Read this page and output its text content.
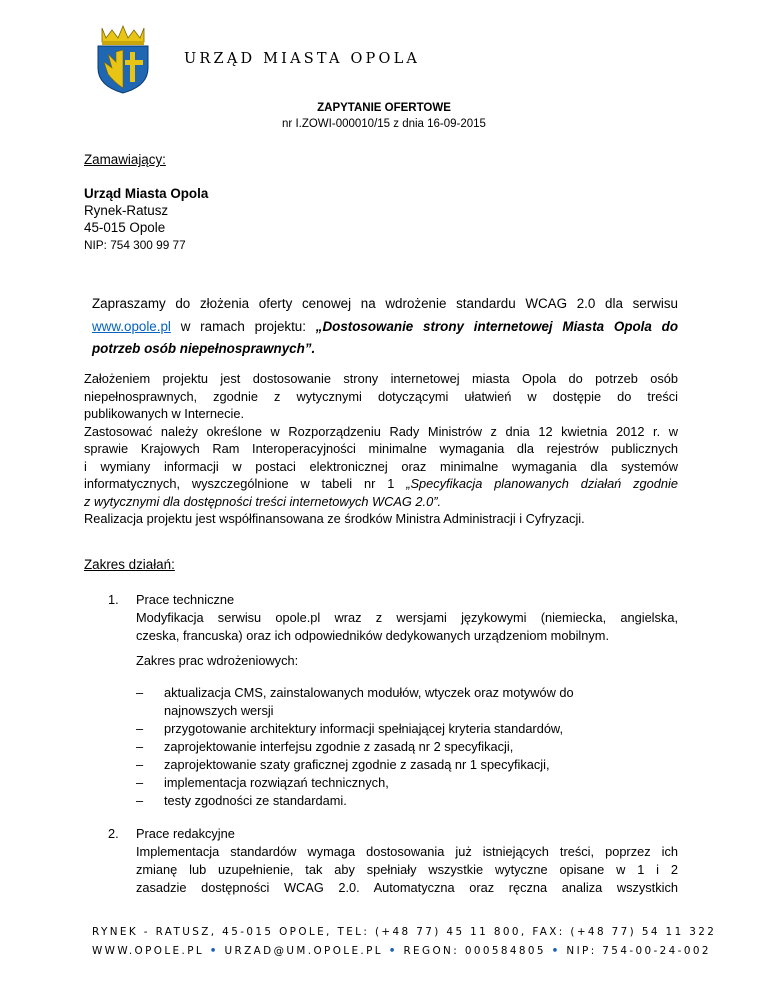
URZĄD MIASTA OPOLA
ZAPYTANIE OFERTOWE
nr I.ZOWI-000010/15 z dnia 16-09-2015
Zamawiający:
Urząd Miasta Opola
Rynek-Ratusz
45-015 Opole
NIP: 754 300 99 77

Zapraszamy do złożenia oferty cenowej na wdrożenie standardu WCAG 2.0 dla serwisu

www.opole.pl w ramach projektu: „Dostosowanie strony internetowej Miasta Opola do

potrzeb osób niepełnosprawnych”.

Założeniem projektu jest dostosowanie strony internetowej miasta Opola do potrzeb osób
niepełnosprawnych, zgodnie z wytycznymi dotyczącymi ułatwień w dostępie do treści
publikowanych w Internecie.
Zastosować należy określone w Rozporządzeniu Rady Ministrów z dnia 12 kwietnia 2012 r. w
sprawie Krajowych Ram Interoperacyjności minimalne wymagania dla rejestrów publicznych
i wymiany informacji w postaci elektronicznej oraz minimalne wymagania dla systemów
informatycznych, wyszczególnione w tabeli nr 1 „Specyfikacja planowanych działań zgodnie
z wytycznymi dla dostępności treści internetowych WCAG 2.0”.
Realizacja projektu jest współfinansowana ze środków Ministra Administracji i Cyfryzacji.
Zakres działań:
1. Prace techniczne
Modyfikacja serwisu opole.pl wraz z wersjami językowymi (niemiecka, angielska,
czeska, francuska) oraz ich odpowiedników dedykowanych urządzeniom mobilnym.
Zakres prac wdrożeniowych:
– aktualizacja CMS, zainstalowanych modułów, wtyczek oraz motywów do
najnowszych wersji
– przygotowanie architektury informacji spełniającej kryteria standardów,
– zaprojektowanie interfejsu zgodnie z zasadą nr 2 specyfikacji,
– zaprojektowanie szaty graficznej zgodnie z zasadą nr 1 specyfikacji,
– implementacja rozwiązań technicznych,
– testy zgodności ze standardami.
2. Prace redakcyjne
Implementacja standardów wymaga dostosowania już istniejących treści, poprzez ich
zmianę lub uzupełnienie, tak aby spełniały wszystkie wytyczne opisane w 1 i 2
zasadzie dostępności WCAG 2.0. Automatyczna oraz ręczna analiza wszystkich
RYNEK - RATUSZ, 45-015 OPOLE, TEL: (+48 77) 45 11 800, FAX: (+48 77) 54 11 322
WWW.OPOLE.PL • URZAD@UM.OPOLE.PL • REGON: 000584805 • NIP: 754-00-24-002
